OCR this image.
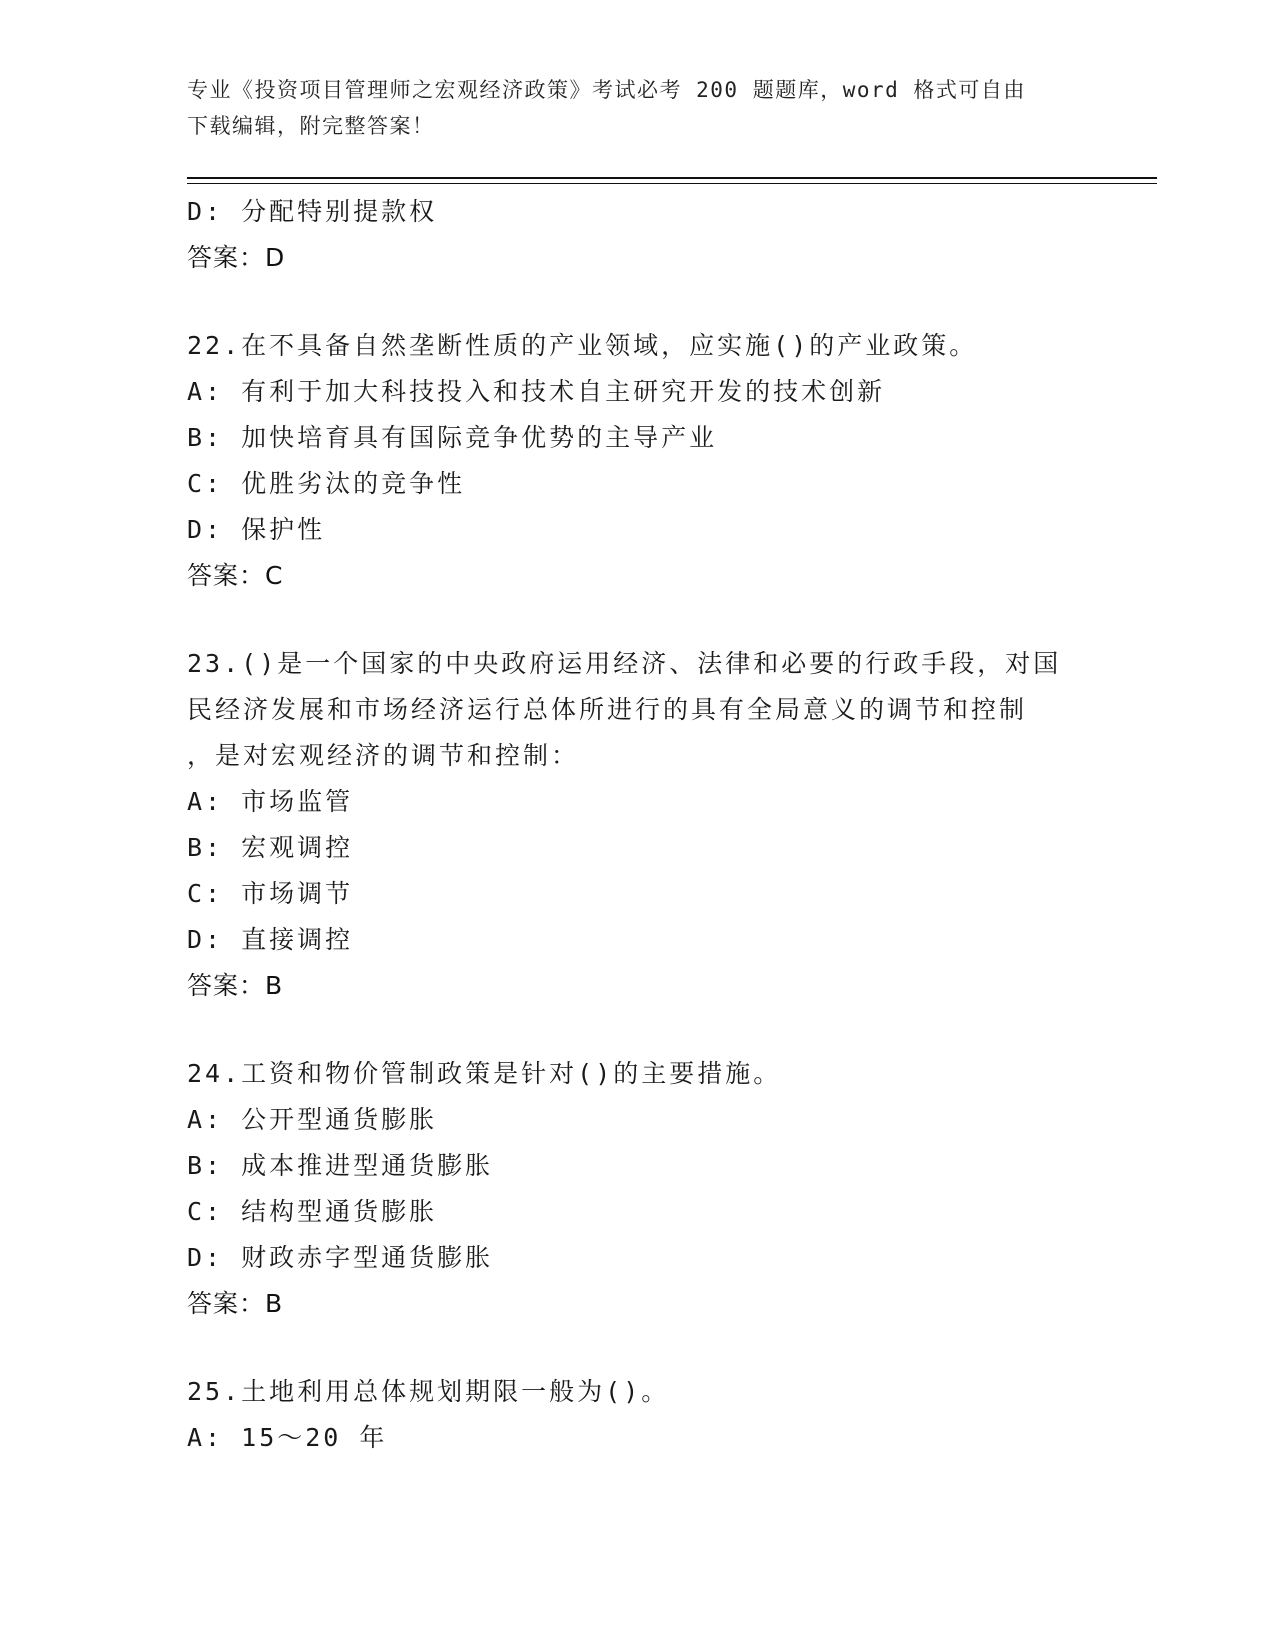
专业《投资项目管理师之宏观经济政策》考试必考 200 题题库，word 格式可自由
下载编辑，附完整答案！
D: 分配特别提款权
答案：D
22.在不具备自然垄断性质的产业领域，应实施()的产业政策。
A: 有利于加大科技投入和技术自主研究开发的技术创新
B: 加快培育具有国际竞争优势的主导产业
C: 优胜劣汰的竞争性
D: 保护性
答案：C
23.()是一个国家的中央政府运用经济、法律和必要的行政手段，对国
民经济发展和市场经济运行总体所进行的具有全局意义的调节和控制
，是对宏观经济的调节和控制：
A: 市场监管
B: 宏观调控
C: 市场调节
D: 直接调控
答案：B
24.工资和物价管制政策是针对()的主要措施。
A: 公开型通货膨胀
B: 成本推进型通货膨胀
C: 结构型通货膨胀
D: 财政赤字型通货膨胀
答案：B
25.土地利用总体规划期限一般为()。
A: 15～20 年
